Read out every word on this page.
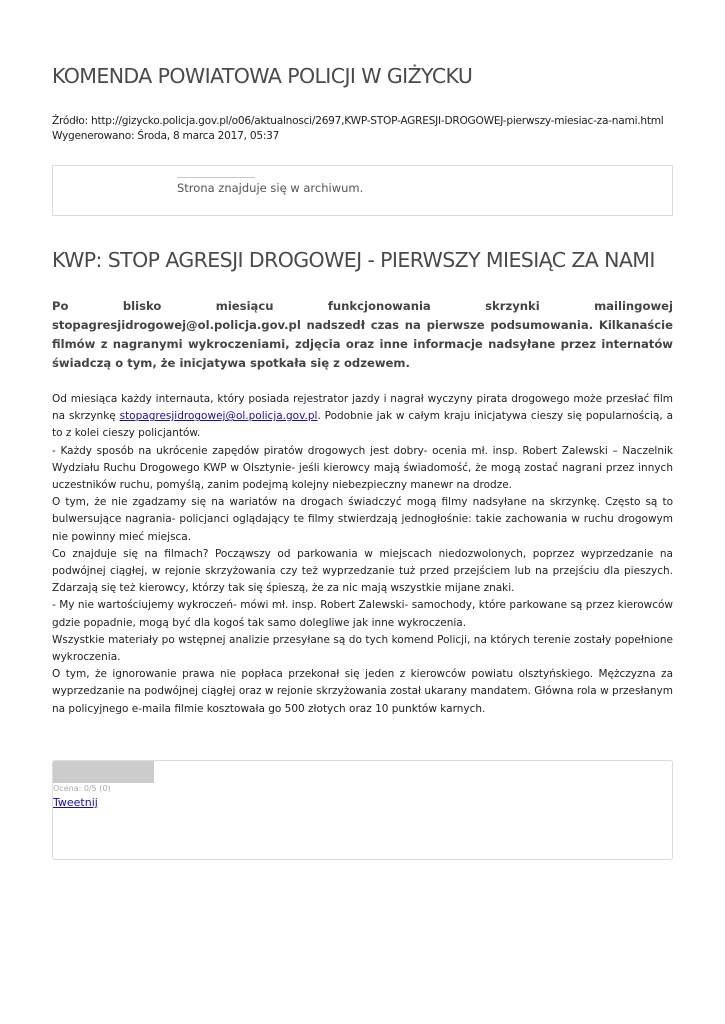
KOMENDA POWIATOWA POLICJI W GIŻYCKU
Źródło: http://gizycko.policja.gov.pl/o06/aktualnosci/2697,KWP-STOP-AGRESJI-DROGOWEJ-pierwszy-miesiac-za-nami.html
Wygenerowano: Środa, 8 marca 2017, 05:37
Strona znajduje się w archiwum.
KWP: STOP AGRESJI DROGOWEJ - PIERWSZY MIESIĄC ZA NAMI

Po blisko miesiącu funkcjonowania skrzynki mailingowej stopagresjidrogowej@ol.policja.gov.pl nadszedł czas na pierwsze podsumowania. Kilkanaście filmów z nagranymi wykroczeniami, zdjęcia oraz inne informacje nadsyłane przez internatów świadczą o tym, że inicjatywa spotkała się z odzewem.

Od miesiąca każdy internauta, który posiada rejestrator jazdy i nagrał wyczyny pirata drogowego może przesłać film na skrzynkę stopagresjidrogowej@ol.policja.gov.pl. Podobnie jak w całym kraju inicjatywa cieszy się popularnością, a to z kolei cieszy policjantów.

- Każdy sposób na ukrócenie zapędów piratów drogowych jest dobry- ocenia mł. insp. Robert Zalewski – Naczelnik Wydziału Ruchu Drogowego KWP w Olsztynie- jeśli kierowcy mają świadomość, że mogą zostać nagrani przez innych uczestników ruchu, pomyślą, zanim podejmą kolejny niebezpieczny manewr na drodze.

O tym, że nie zgadzamy się na wariatów na drogach świadczyć mogą filmy nadsyłane na skrzynkę. Często są to bulwersujące nagrania- policjanci oglądający te filmy stwierdzają jednogłośnie: takie zachowania w ruchu drogowym nie powinny mieć miejsca.

Co znajduje się na filmach? Począwszy od parkowania w miejscach niedozwolonych, poprzez wyprzedzanie na podwójnej ciągłej, w rejonie skrzyżowania czy też wyprzedzanie tuż przed przejściem lub na przejściu dla pieszych. Zdarzają się też kierowcy, którzy tak się śpieszą, że za nic mają wszystkie mijane znaki.

- My nie wartościujemy wykroczeń- mówi mł. insp. Robert Zalewski- samochody, które parkowane są przez kierowców gdzie popadnie, mogą być dla kogoś tak samo dolegliwe jak inne wykroczenia.

Wszystkie materiały po wstępnej analizie przesyłane są do tych komend Policji, na których terenie zostały popełnione wykroczenia.

O tym, że ignorowanie prawa nie popłaca przekonał się jeden z kierowców powiatu olsztyńskiego. Mężczyzna za wyprzedzanie na podwójnej ciągłej oraz w rejonie skrzyżowania został ukarany mandatem. Główna rola w przesłanym na policyjnego e-maila filmie kosztowała go 500 złotych oraz 10 punktów karnych.

Ocena: 0/5 (0)
Tweetnij
